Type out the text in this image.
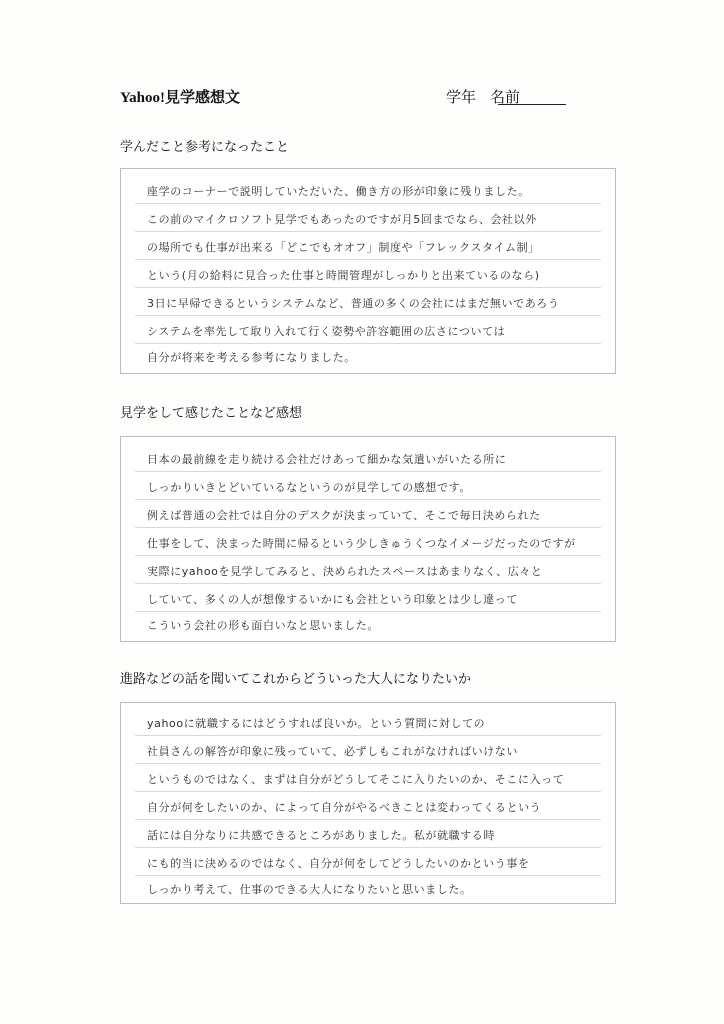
Yahoo!見学感想文	学年 名前
学んだこと参考になったこと
座学のコーナーで説明していただいた、働き方の形が印象に残りました。
この前のマイクロソフト見学でもあったのですが月5回までなら、会社以外
の場所でも仕事が出来る「どこでもオオフ」制度や「フレックスタイム制」
という(月の給料に見合った仕事と時間管理がしっかりと出来ているのなら)
3日に早帰できるというシステムなど、普通の多くの会社にはまだ無いであろう
システムを率先して取り入れて行く姿勢や許容範囲の広さについては
自分が将来を考える参考になりました。
見学をして感じたことなど感想
日本の最前線を走り続ける会社だけあって細かな気遣いがいたる所に
しっかりいきとどいているなというのが見学しての感想です。
例えば普通の会社では自分のデスクが決まっていて、そこで毎日決められた
仕事をして、決まった時間に帰るという少しきゅうくつなイメージだったのですが
実際にyahooを見学してみると、決められたスペースはあまりなく、広々と
していて、多くの人が想像するいかにも会社という印象とは少し違って
こういう会社の形も面白いなと思いました。
進路などの話を聞いてこれからどういった大人になりたいか
yahooに就職するにはどうすれば良いか。という質問に対しての
社員さんの解答が印象に残っていて、必ずしもこれがなければいけない
というものではなく、まずは自分がどうしてそこに入りたいのか、そこに入って
自分が何をしたいのか、によって自分がやるべきことは変わってくるという
話には自分なりに共感できるところがありました。私が就職する時
にも的当に決めるのではなく、自分が何をしてどうしたいのかという事を
しっかり考えて、仕事のできる大人になりたいと思いました。
